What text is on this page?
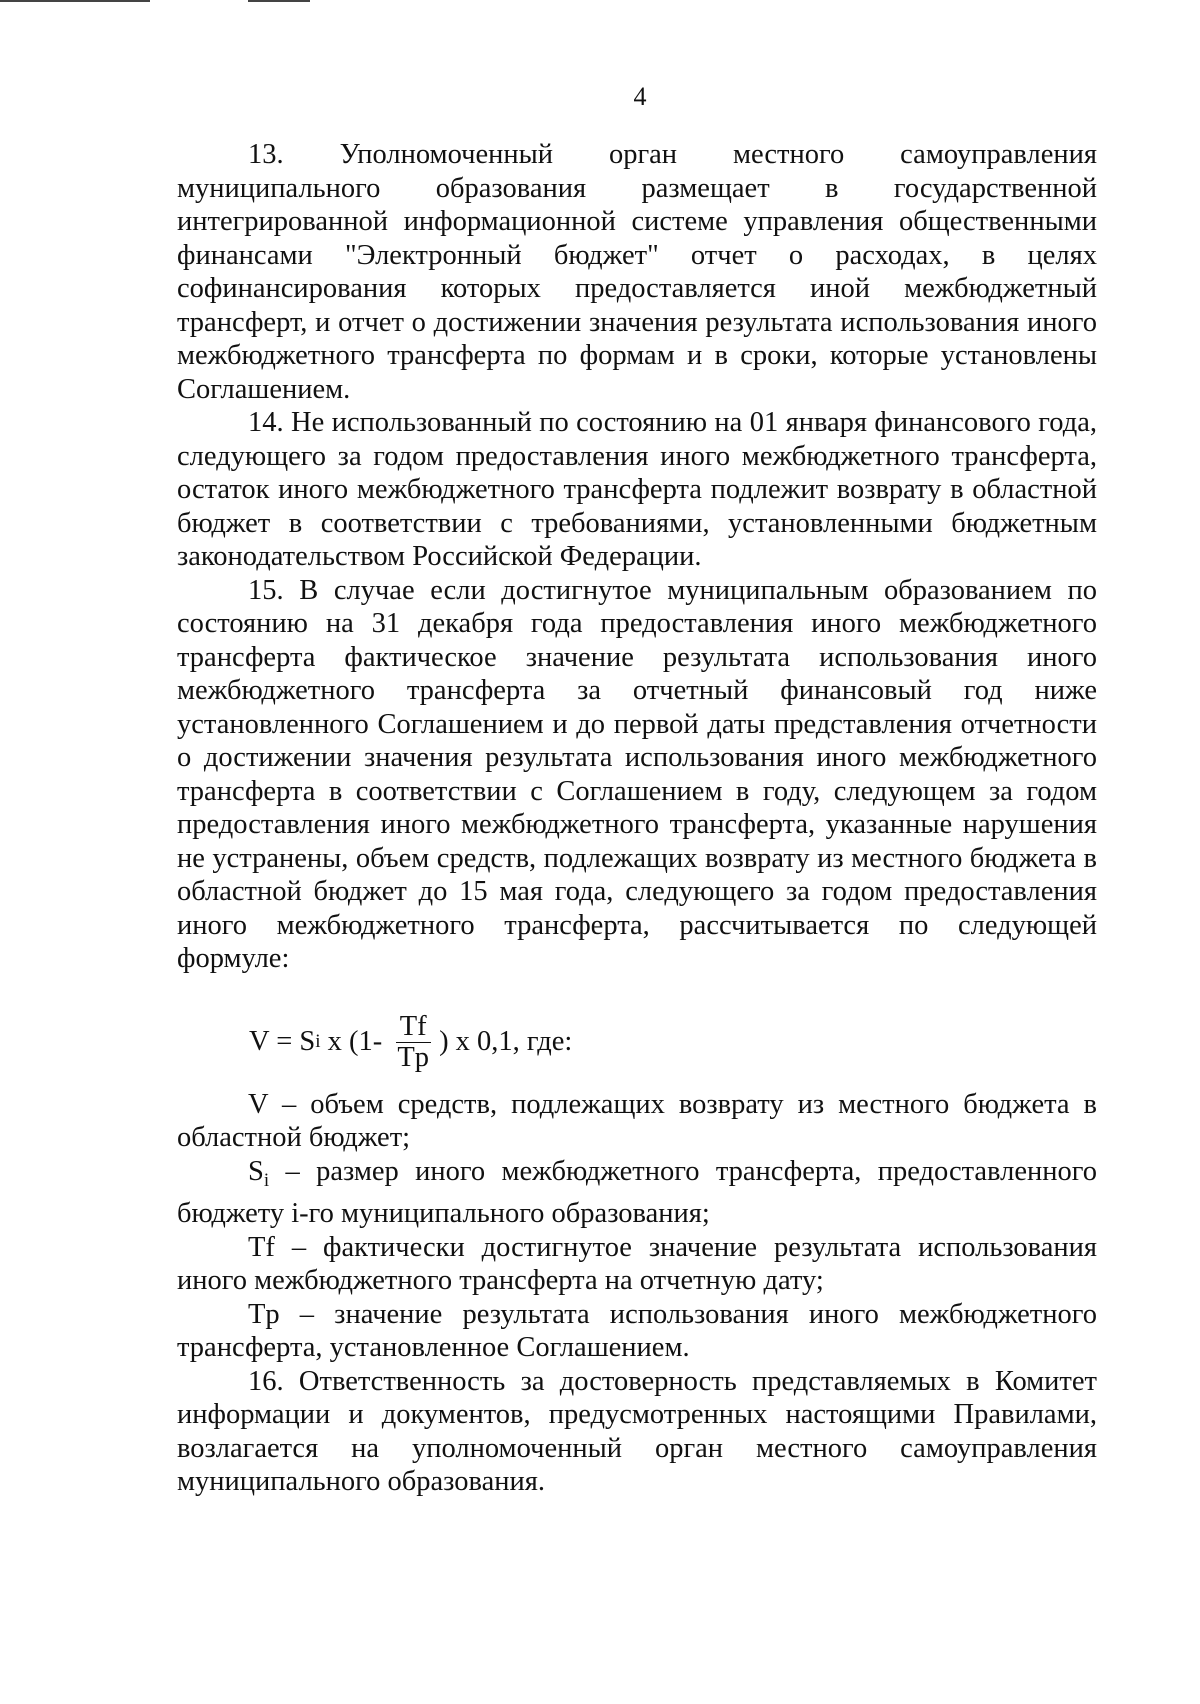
4

13. Уполномоченный орган местного самоуправления муниципального образования размещает в государственной интегрированной информационной системе управления общественными финансами "Электронный бюджет" отчет о расходах, в целях софинансирования которых предоставляется иной межбюджетный трансферт, и отчет о достижении значения результата использования иного межбюджетного трансферта по формам и в сроки, которые установлены Соглашением.

14. Не использованный по состоянию на 01 января финансового года, следующего за годом предоставления иного межбюджетного трансферта, остаток иного межбюджетного трансферта подлежит возврату в областной бюджет в соответствии с требованиями, установленными бюджетным законодательством Российской Федерации.

15. В случае если достигнутое муниципальным образованием по состоянию на 31 декабря года предоставления иного межбюджетного трансферта фактическое значение результата использования иного межбюджетного трансферта за отчетный финансовый год ниже установленного Соглашением и до первой даты представления отчетности о достижении значения результата использования иного межбюджетного трансферта в соответствии с Соглашением в году, следующем за годом предоставления иного межбюджетного трансферта, указанные нарушения не устранены, объем средств, подлежащих возврату из местного бюджета в областной бюджет до 15 мая года, следующего за годом предоставления иного межбюджетного трансферта, рассчитывается по следующей формуле:

V = S i x ($1- \frac{Tf}{Tp}$ ) x 0,1, где:

V – объем средств, подлежащих возврату из местного бюджета в областной бюджет;

$S_i$ – размер иного межбюджетного трансферта, предоставленного бюджету i-го муниципального образования;

Tf – фактически достигнутое значение результата использования иного межбюджетного трансферта на отчетную дату;

Tp – значение результата использования иного межбюджетного трансферта, установленное Соглашением.

16. Ответственность за достоверность представляемых в Комитет информации и документов, предусмотренных настоящими Правилами, возлагается на уполномоченный орган местного самоуправления муниципального образования.
